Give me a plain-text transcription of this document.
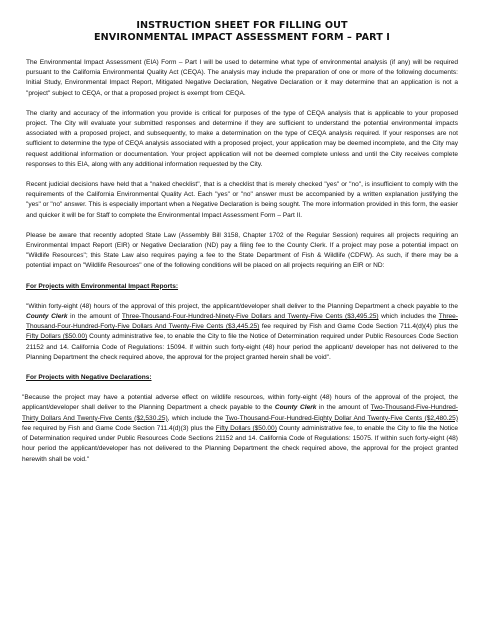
INSTRUCTION SHEET FOR FILLING OUT
ENVIRONMENTAL IMPACT ASSESSMENT FORM – PART I

The Environmental Impact Assessment (EIA) Form – Part I will be used to determine what type of environmental analysis (if any) will be required pursuant to the California Environmental Quality Act (CEQA). The analysis may include the preparation of one or more of the following documents: Initial Study, Environmental Impact Report, Mitigated Negative Declaration, Negative Declaration or it may determine that an application is not a "project" subject to CEQA, or that a proposed project is exempt from CEQA.

The clarity and accuracy of the information you provide is critical for purposes of the type of CEQA analysis that is applicable to your proposed project. The City will evaluate your submitted responses and determine if they are sufficient to understand the potential environmental impacts associated with a proposed project, and subsequently, to make a determination on the type of CEQA analysis required. If your responses are not sufficient to determine the type of CEQA analysis associated with a proposed project, your application may be deemed incomplete, and the City may request additional information or documentation. Your project application will not be deemed complete unless and until the City receives complete responses to this EIA, along with any additional information requested by the City.

Recent judicial decisions have held that a "naked checklist", that is a checklist that is merely checked "yes" or "no", is insufficient to comply with the requirements of the California Environmental Quality Act. Each "yes" or "no" answer must be accompanied by a written explanation justifying the "yes" or "no" answer. This is especially important when a Negative Declaration is being sought. The more information provided in this form, the easier and quicker it will be for Staff to complete the Environmental Impact Assessment Form – Part II.

Please be aware that recently adopted State Law (Assembly Bill 3158, Chapter 1702 of the Regular Session) requires all projects requiring an Environmental Impact Report (EIR) or Negative Declaration (ND) pay a filing fee to the County Clerk. If a project may pose a potential impact on "Wildlife Resources"; this State Law also requires paying a fee to the State Department of Fish & Wildlife (CDFW). As such, if there may be a potential impact on "Wildlife Resources" one of the following conditions will be placed on all projects requiring an EIR or ND:

For Projects with Environmental Impact Reports:

"Within forty-eight (48) hours of the approval of this project, the applicant/developer shall deliver to the Planning Department a check payable to the County Clerk in the amount of Three-Thousand-Four-Hundred-Ninety-Five Dollars and Twenty-Five Cents ($3,495.25) which includes the Three-Thousand-Four-Hundred-Forty-Five Dollars And Twenty-Five Cents ($3,445.25) fee required by Fish and Game Code Section 711.4(d)(4) plus the Fifty Dollars ($50.00) County administrative fee, to enable the City to file the Notice of Determination required under Public Resources Code Section 21152 and 14. California Code of Regulations: 15094. If within such forty-eight (48) hour period the applicant/ developer has not delivered to the Planning Department the check required above, the approval for the project granted herein shall be void".

For Projects with Negative Declarations:

"Because the project may have a potential adverse effect on wildlife resources, within forty-eight (48) hours of the approval of the project, the applicant/developer shall deliver to the Planning Department a check payable to the County Clerk in the amount of Two-Thousand-Five-Hundred-Thirty Dollars And Twenty-Five Cents ($2,530.25), which include the Two-Thousand-Four-Hundred-Eighty Dollar And Twenty-Five Cents ($2,480.25) fee required by Fish and Game Code Section 711.4(d)(3) plus the Fifty Dollars ($50.00) County administrative fee, to enable the City to file the Notice of Determination required under Public Resources Code Sections 21152 and 14. California Code of Regulations: 15075. If within such forty-eight (48) hour period the applicant/developer has not delivered to the Planning Department the check required above, the approval for the project granted herewith shall be void."
